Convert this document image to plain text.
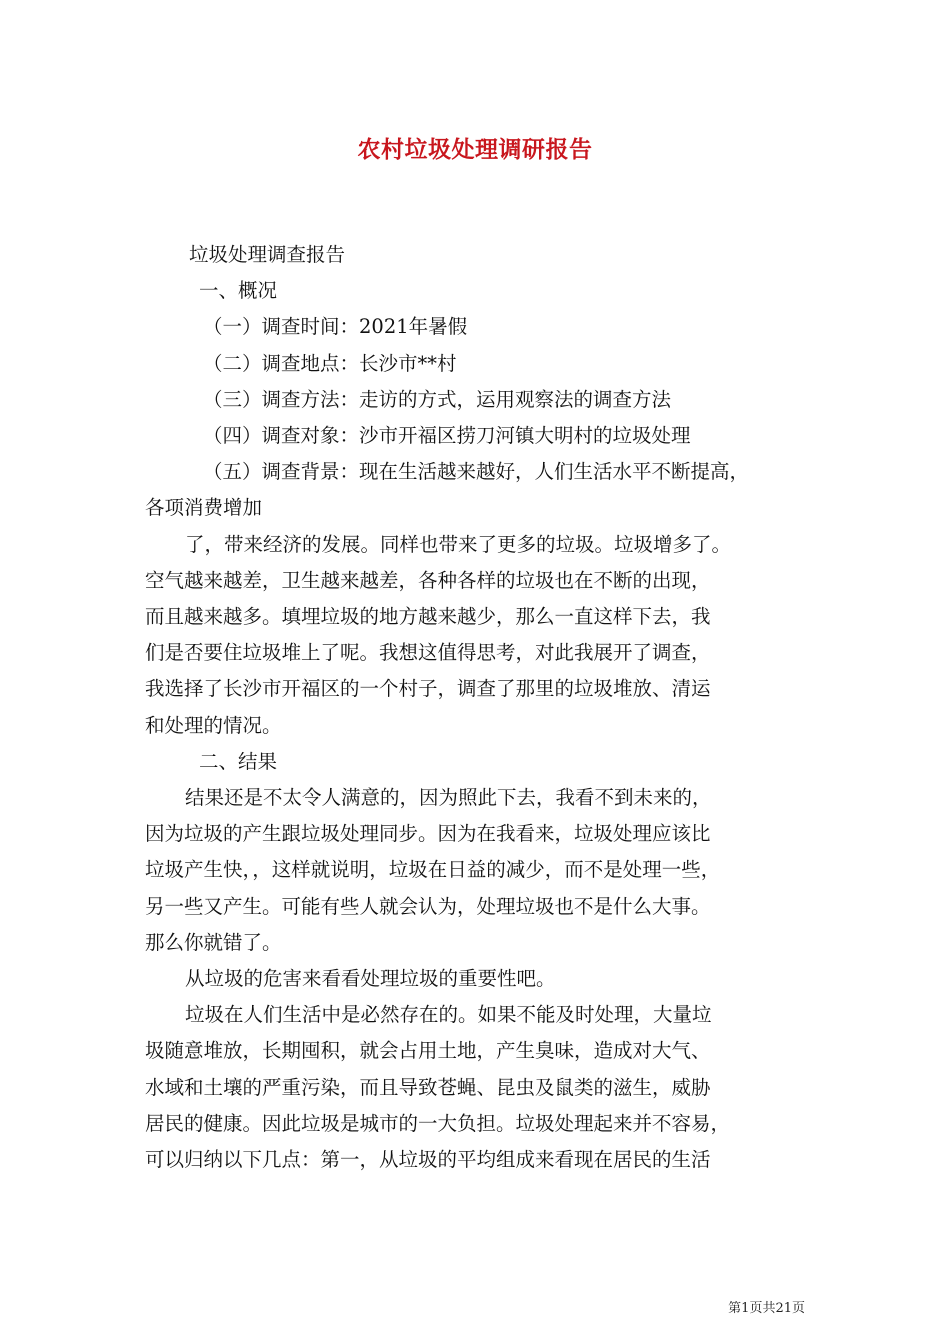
农村垃圾处理调研报告
垃圾处理调查报告
一、概况
（一）调查时间：2021年暑假
（二）调查地点：长沙市**村
（三）调查方法：走访的方式，运用观察法的调查方法
（四）调查对象：沙市开福区捞刀河镇大明村的垃圾处理
（五）调查背景：现在生活越来越好，人们生活水平不断提高，
各项消费增加
了，带来经济的发展。同样也带来了更多的垃圾。垃圾增多了。
空气越来越差，卫生越来越差，各种各样的垃圾也在不断的出现，
而且越来越多。填埋垃圾的地方越来越少，那么一直这样下去，我
们是否要住垃圾堆上了呢。我想这值得思考，对此我展开了调查，
我选择了长沙市开福区的一个村子，调查了那里的垃圾堆放、清运
和处理的情况。
二、结果
结果还是不太令人满意的，因为照此下去，我看不到未来的，
因为垃圾的产生跟垃圾处理同步。因为在我看来，垃圾处理应该比
垃圾产生快，，这样就说明，垃圾在日益的减少，而不是处理一些，
另一些又产生。可能有些人就会认为，处理垃圾也不是什么大事。
那么你就错了。
从垃圾的危害来看看处理垃圾的重要性吧。
垃圾在人们生活中是必然存在的。如果不能及时处理，大量垃
圾随意堆放，长期囤积，就会占用土地，产生臭味，造成对大气、
水域和土壤的严重污染，而且导致苍蝇、昆虫及鼠类的滋生，威胁
居民的健康。因此垃圾是城市的一大负担。垃圾处理起来并不容易，
可以归纳以下几点：第一，从垃圾的平均组成来看现在居民的生活
第1页共21页
